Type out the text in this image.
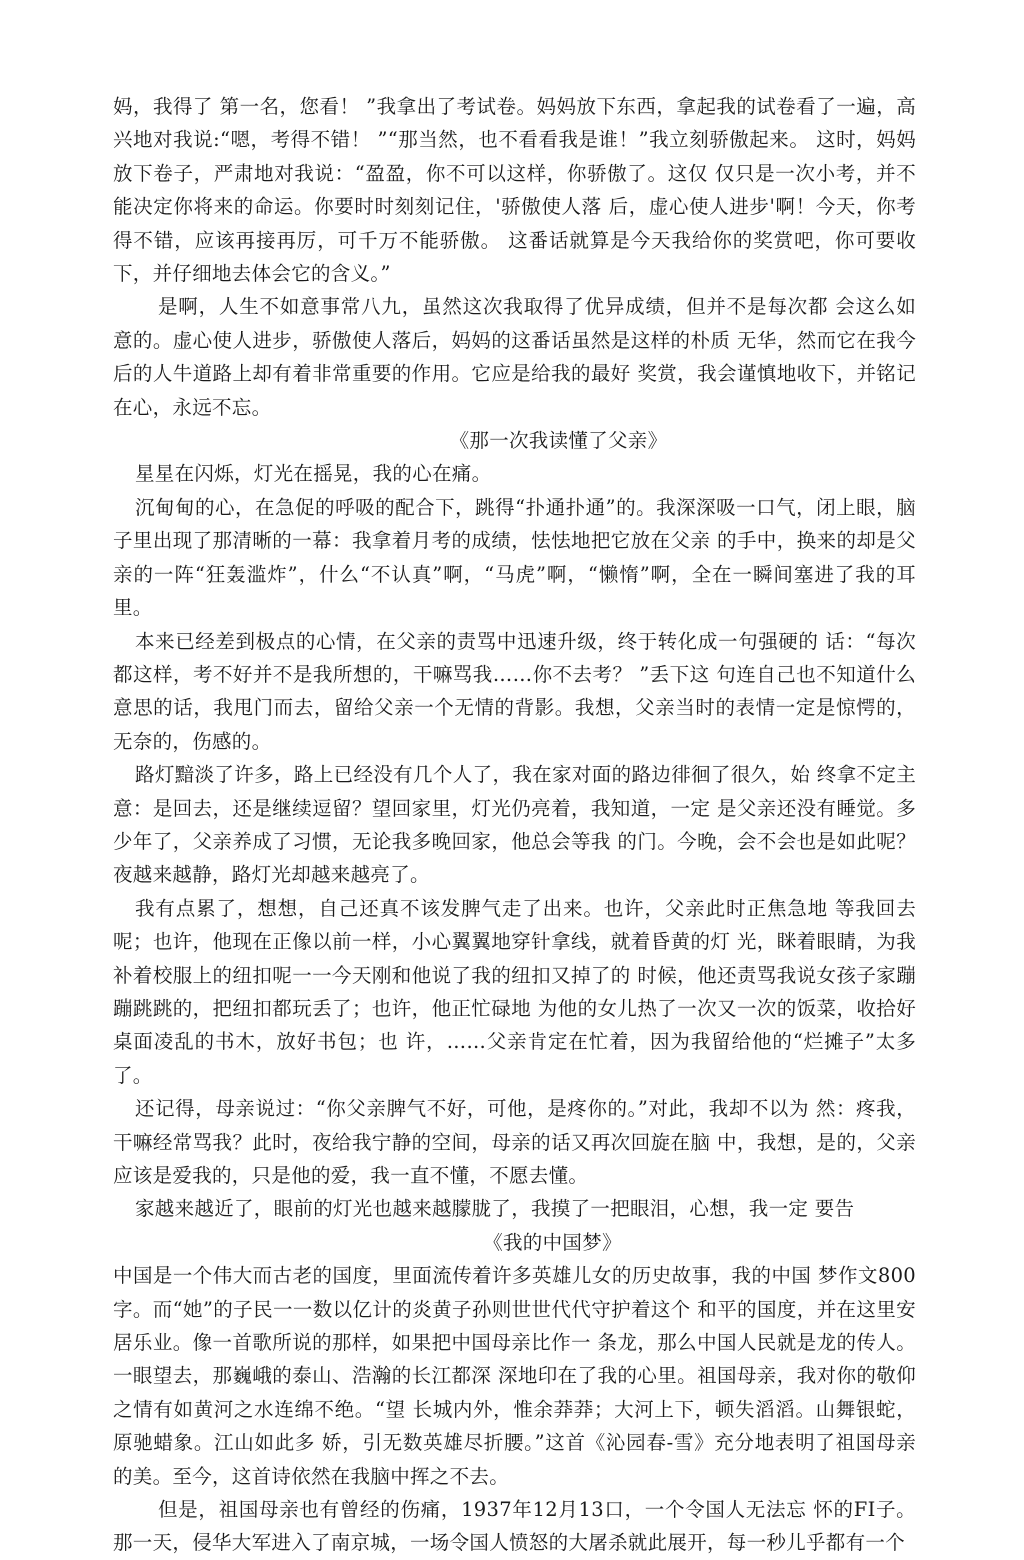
妈，我得了 第一名，您看！ ”我拿出了考试卷。妈妈放下东西，拿起我的试卷看了一遍，高 兴地对我说:“嗯，考得不错！ ”“那当然，也不看看我是谁！”我立刻骄傲起来。 这时，妈妈放下卷子，严肃地对我说：“盈盈，你不可以这样，你骄傲了。这仅 仅只是一次小考，并不能决定你将来的命运。你要时时刻刻记住，'骄傲使人落 后，虚心使人进步'啊！今天，你考得不错，应该再接再厉，可千万不能骄傲。 这番话就算是今天我给你的奖赏吧，你可要收下，并仔细地去体会它的含义。”

是啊，人生不如意事常八九，虽然这次我取得了优异成绩，但并不是每次都 会这么如意的。虚心使人进步，骄傲使人落后，妈妈的这番话虽然是这样的朴质 无华，然而它在我今后的人牛道路上却有着非常重要的作用。它应是给我的最好 奖赏，我会谨慎地收下，并铭记在心，永远不忘。

《那一次我读懂了父亲》

星星在闪烁，灯光在摇晃，我的心在痛。

沉甸甸的心，在急促的呼吸的配合下，跳得“扑通扑通”的。我深深吸一口气，闭上眼，脑子里出现了那清晰的一幕：我拿着月考的成绩，怯怯地把它放在父亲 的手中，换来的却是父亲的一阵“狂轰滥炸”，什么“不认真”啊，“马虎”啊，“懒惰”啊，全在一瞬间塞进了我的耳里。

本来已经差到极点的心情，在父亲的责骂中迅速升级，终于转化成一句强硬的 话：“每次都这样，考不好并不是我所想的，干嘛骂我……你不去考？ ”丢下这 句连自己也不知道什么意思的话，我甩门而去，留给父亲一个无情的背影。我想，父亲当时的表情一定是惊愕的，无奈的，伤感的。

路灯黯淡了许多，路上已经没有几个人了，我在家对面的路边徘徊了很久，始 终拿不定主意：是回去，还是继续逗留？望回家里，灯光仍亮着，我知道，一定 是父亲还没有睡觉。多少年了，父亲养成了习惯，无论我多晚回家，他总会等我 的门。今晚，会不会也是如此呢？ 夜越来越静，路灯光却越来越亮了。

我有点累了，想想，自己还真不该发脾气走了出来。也许，父亲此时正焦急地 等我回去呢；也许，他现在正像以前一样，小心翼翼地穿针拿线，就着昏黄的灯 光，眯着眼睛，为我补着校服上的纽扣呢一一今天刚和他说了我的纽扣又掉了的 时候，他还责骂我说女孩子家蹦蹦跳跳的，把纽扣都玩丢了；也许，他正忙碌地 为他的女儿热了一次又一次的饭菜，收拾好桌面凌乱的书木，放好书包；也 许，……父亲肯定在忙着，因为我留给他的“烂摊子”太多了。

还记得，母亲说过：“你父亲脾气不好，可他，是疼你的。”对此，我却不以为 然：疼我，干嘛经常骂我？此时，夜给我宁静的空间，母亲的话又再次回旋在脑 中，我想，是的，父亲应该是爱我的，只是他的爱，我一直不懂，不愿去懂。

家越来越近了，眼前的灯光也越来越朦胧了，我摸了一把眼泪，心想，我一定 要告

《我的中国梦》

中国是一个伟大而古老的国度，里面流传着许多英雄儿女的历史故事，我的中国 梦作文800字。而“她”的子民一一数以亿计的炎黄子孙则世世代代守护着这个 和平的国度，并在这里安居乐业。像一首歌所说的那样，如果把中国母亲比作一 条龙，那么中国人民就是龙的传人。一眼望去，那巍峨的泰山、浩瀚的长江都深 深地印在了我的心里。祖国母亲，我对你的敬仰之情有如黄河之水连绵不绝。“望 长城内外，惟余莽莽；大河上下，顿失滔滔。山舞银蛇，原驰蜡象。江山如此多 娇，引无数英雄尽折腰。”这首《沁园春-雪》充分地表明了祖国母亲的美。至今，这首诗依然在我脑中挥之不去。

但是，祖国母亲也有曾经的伤痛，1937年12月13口，一个令国人无法忘 怀的FI子。那一天，侵华大军进入了南京城，一场令国人愤怒的大屠杀就此展开，每一秒儿乎都有一个
